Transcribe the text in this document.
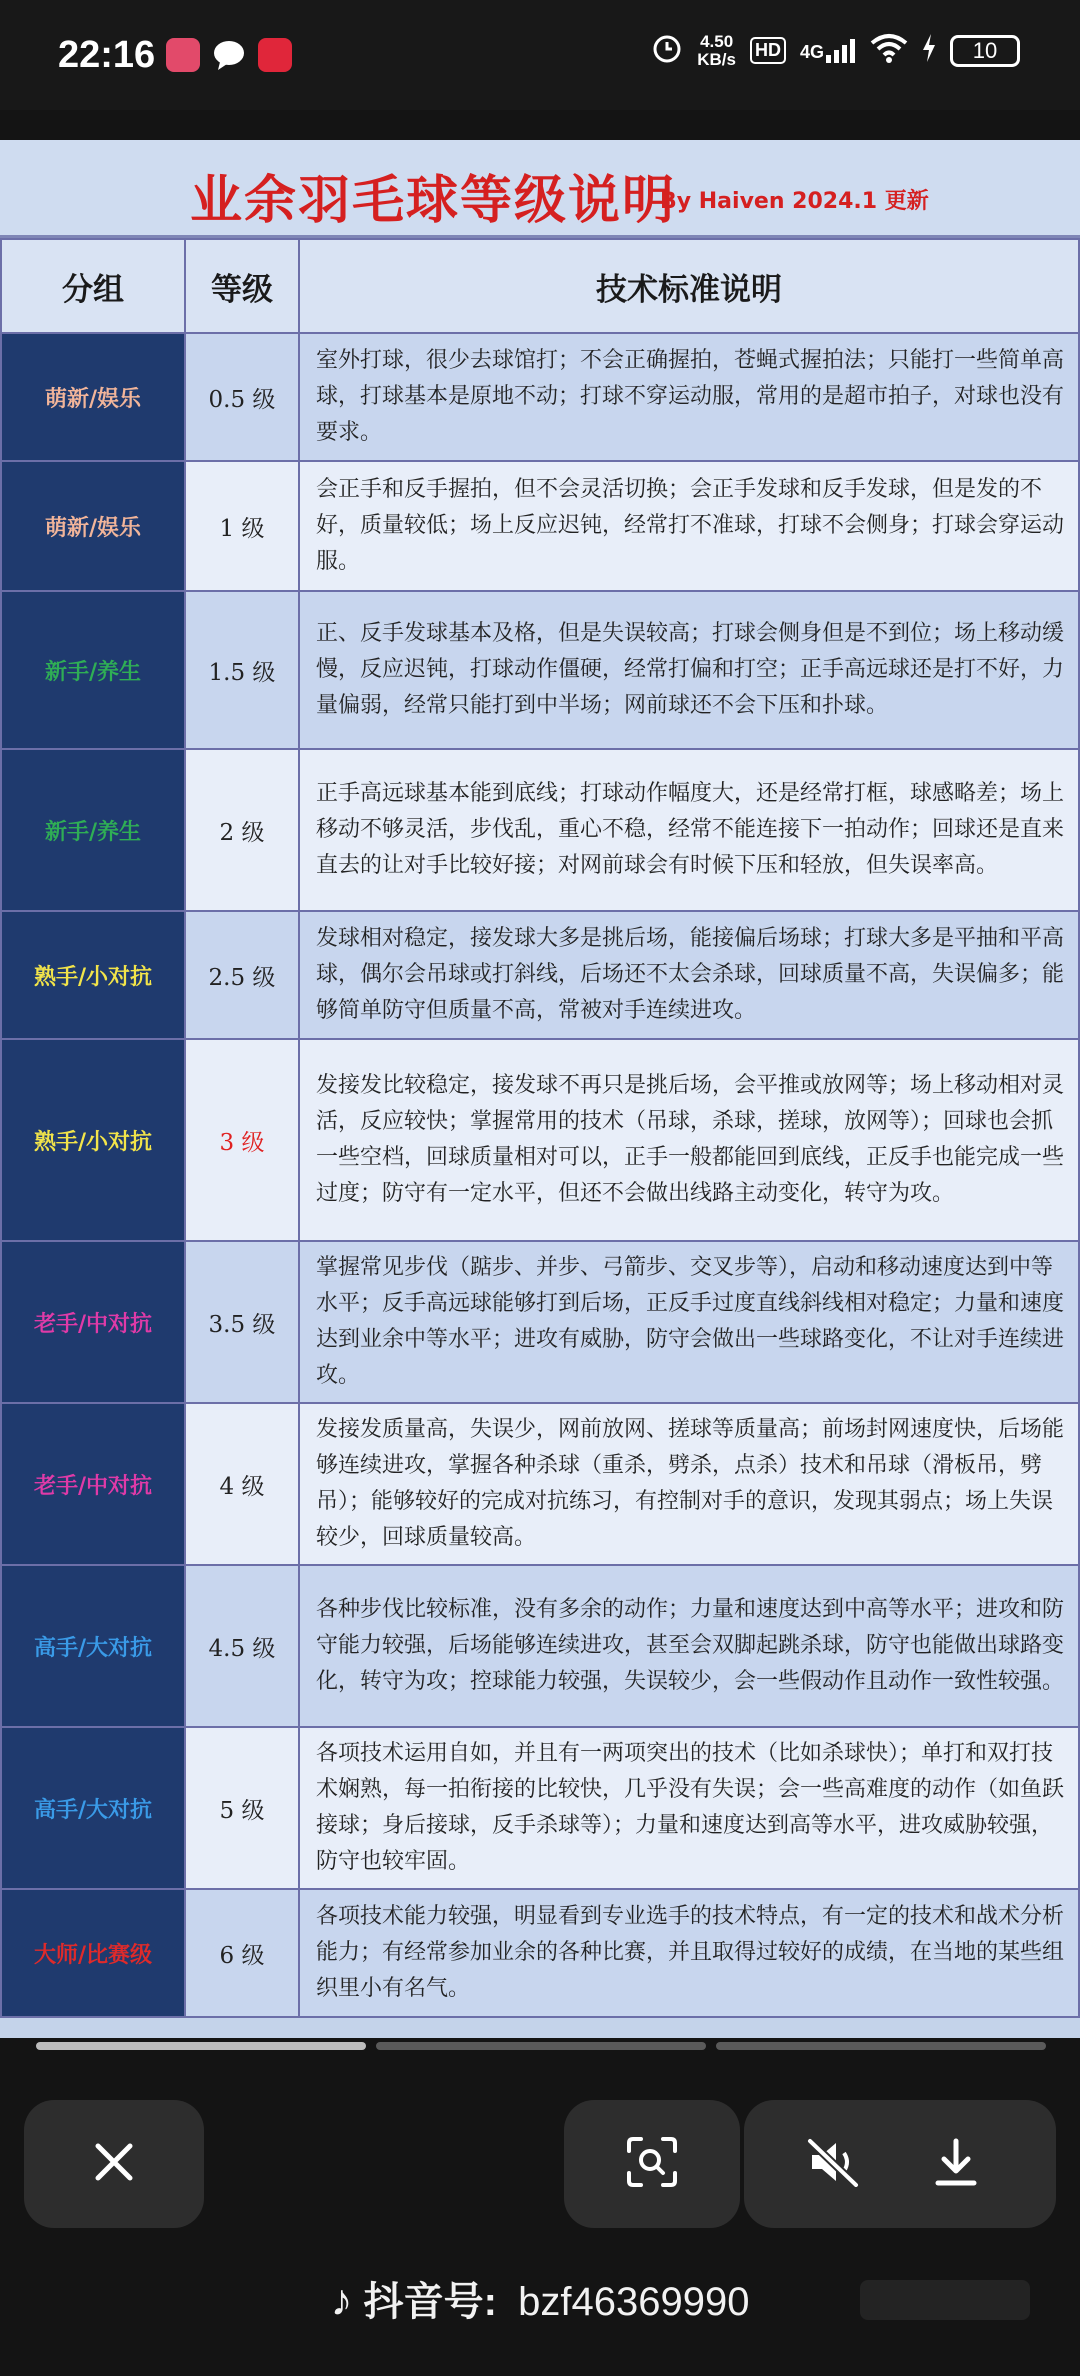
22:16	4.50
KB/s HD 4G	10
业余羽毛球等级说明
By Haiven 2024.1 更新
分组	等级	技术标准说明
萌新/娱乐	0.5 级	室外打球，很少去球馆打；不会正确握拍，苍蝇式握拍法；只能打一些简单高球，打球基本是原地不动；打球不穿运动服，常用的是超市拍子，对球也没有要求。
萌新/娱乐	1 级	会正手和反手握拍，但不会灵活切换；会正手发球和反手发球，但是发的不好，质量较低；场上反应迟钝，经常打不准球，打球不会侧身；打球会穿运动服。
新手/养生	1.5 级	正、反手发球基本及格，但是失误较高；打球会侧身但是不到位；场上移动缓慢，反应迟钝，打球动作僵硬，经常打偏和打空；正手高远球还是打不好，力量偏弱，经常只能打到中半场；网前球还不会下压和扑球。
新手/养生	2 级	正手高远球基本能到底线；打球动作幅度大，还是经常打框，球感略差；场上移动不够灵活，步伐乱，重心不稳，经常不能连接下一拍动作；回球还是直来直去的让对手比较好接；对网前球会有时候下压和轻放，但失误率高。
熟手/小对抗	2.5 级	发球相对稳定，接发球大多是挑后场，能接偏后场球；打球大多是平抽和平高球，偶尔会吊球或打斜线，后场还不太会杀球，回球质量不高，失误偏多；能够简单防守但质量不高，常被对手连续进攻。
熟手/小对抗	3 级	发接发比较稳定，接发球不再只是挑后场，会平推或放网等；场上移动相对灵活，反应较快；掌握常用的技术（吊球，杀球，搓球，放网等）；回球也会抓一些空档，回球质量相对可以，正手一般都能回到底线，正反手也能完成一些过度；防守有一定水平，但还不会做出线路主动变化，转守为攻。
老手/中对抗	3.5 级	掌握常见步伐（踮步、并步、弓箭步、交叉步等），启动和移动速度达到中等水平；反手高远球能够打到后场，正反手过度直线斜线相对稳定；力量和速度达到业余中等水平；进攻有威胁，防守会做出一些球路变化，不让对手连续进攻。
老手/中对抗	4 级	发接发质量高，失误少，网前放网、搓球等质量高；前场封网速度快，后场能够连续进攻，掌握各种杀球（重杀，劈杀，点杀）技术和吊球（滑板吊，劈吊）；能够较好的完成对抗练习，有控制对手的意识，发现其弱点；场上失误较少，回球质量较高。
高手/大对抗	4.5 级	各种步伐比较标准，没有多余的动作；力量和速度达到中高等水平；进攻和防守能力较强，后场能够连续进攻，甚至会双脚起跳杀球，防守也能做出球路变化，转守为攻；控球能力较强，失误较少，会一些假动作且动作一致性较强。
高手/大对抗	5 级	各项技术运用自如，并且有一两项突出的技术（比如杀球快）；单打和双打技术娴熟，每一拍衔接的比较快，几乎没有失误；会一些高难度的动作（如鱼跃接球；身后接球，反手杀球等）；力量和速度达到高等水平，进攻威胁较强，防守也较牢固。
大师/比赛级	6 级	各项技术能力较强，明显看到专业选手的技术特点，有一定的技术和战术分析能力；有经常参加业余的各种比赛，并且取得过较好的成绩，在当地的某些组织里小有名气。
♪ 抖音号: bzf46369990
